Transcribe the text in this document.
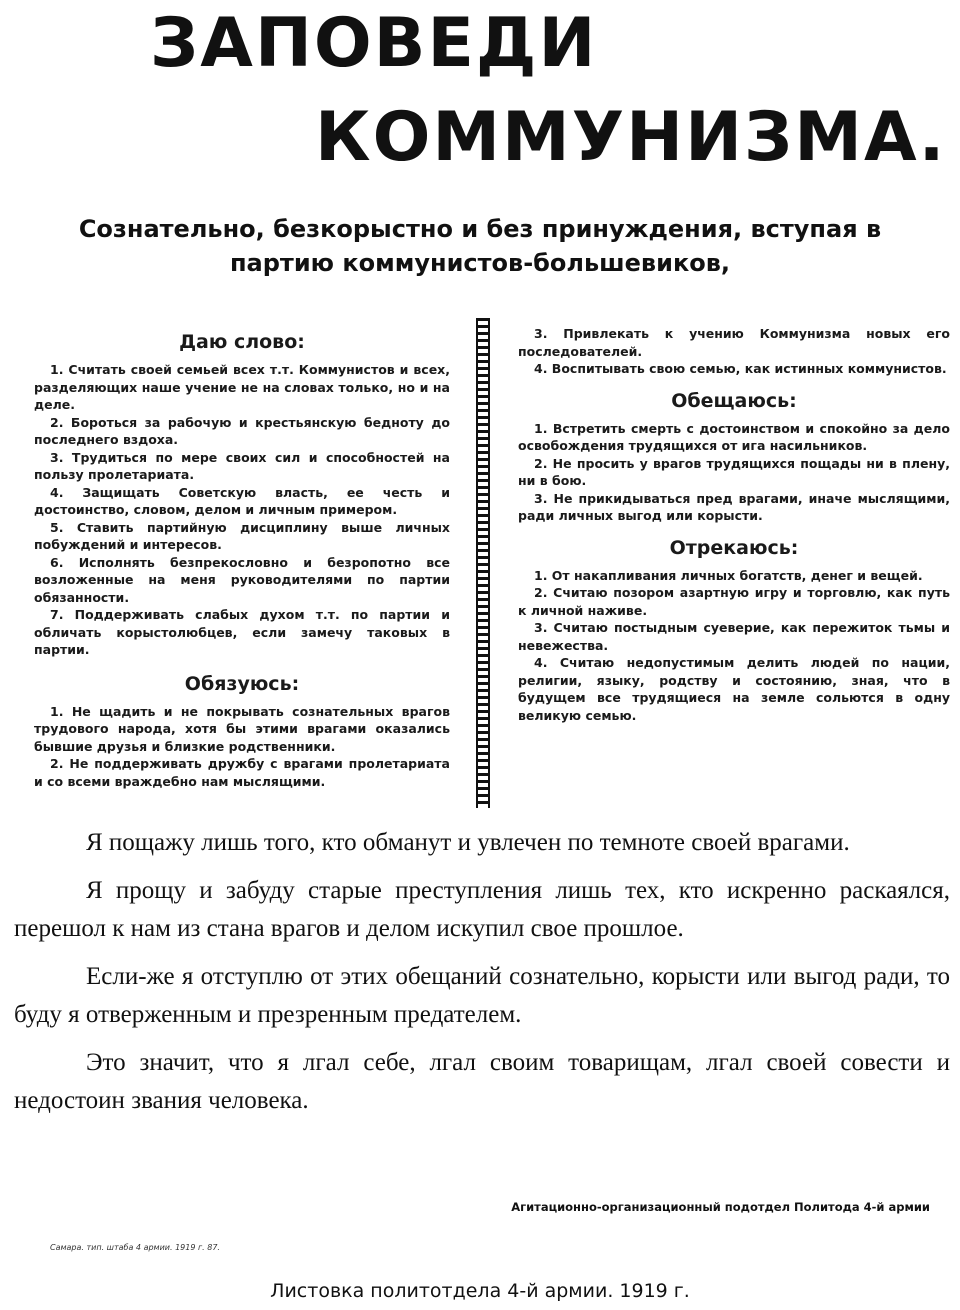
ЗАПОВЕДИ
КОММУНИЗМА.
Сознательно, безкорыстно и без принуждения, вступая в
партию коммунистов-большевиков,
Даю слово:

1. Считать своей семьей всех т.т. Коммунистов и всех, разделяющих наше учение не на словах только, но и на деле.

2. Бороться за рабочую и крестьянскую бедноту до последнего вздоха.

3. Трудиться по мере своих сил и способностей на пользу пролетариата.

4. Защищать Советскую власть, ее честь и достоинство, словом, делом и личным примером.

5. Ставить партийную дисциплину выше личных побуждений и интересов.

6. Исполнять безпрекословно и безропотно все возложенные на меня руководителями по партии обязанности.

7. Поддерживать слабых духом т.т. по партии и обличать корыстолюбцев, если замечу таковых в партии.

Обязуюсь:

1. Не щадить и не покрывать сознательных врагов трудового народа, хотя бы этими врагами оказались бывшие друзья и близкие родственники.

2. Не поддерживать дружбу с врагами пролетариата и со всеми враждебно нам мыслящими.

3. Привлекать к учению Коммунизма новых его последователей.

4. Воспитывать свою семью, как истинных коммунистов.

Обещаюсь:

1. Встретить смерть с достоинством и спокойно за дело освобождения трудящихся от ига насильников.

2. Не просить у врагов трудящихся пощады ни в плену, ни в бою.

3. Не прикидываться пред врагами, иначе мыслящими, ради личных выгод или корысти.

Отрекаюсь:

1. От накапливания личных богатств, денег и вещей.

2. Считаю позором азартную игру и торговлю, как путь к личной наживе.

3. Считаю постыдным суеверие, как пережиток тьмы и невежества.

4. Считаю недопустимым делить людей по нации, религии, языку, родству и состоянию, зная, что в будущем все трудящиеся на земле сольются в одну великую семью.

Я пощажу лишь того, кто обманут и увлечен по темноте своей врагами.

Я прощу и забуду старые преступления лишь тех, кто искренно раскаялся, перешол к нам из стана врагов и делом искупил свое прошлое.

Если-же я отступлю от этих обещаний сознательно, корысти или выгод ради, то буду я отверженным и презренным предателем.

Это значит, что я лгал себе, лгал своим товарищам, лгал своей совести и недостоин звания человека.

Агитационно-организационный подотдел Политода 4-й армии
Самара. тип. штаба 4 армии. 1919 г. 87.
Листовка политотдела 4-й армии. 1919 г.
